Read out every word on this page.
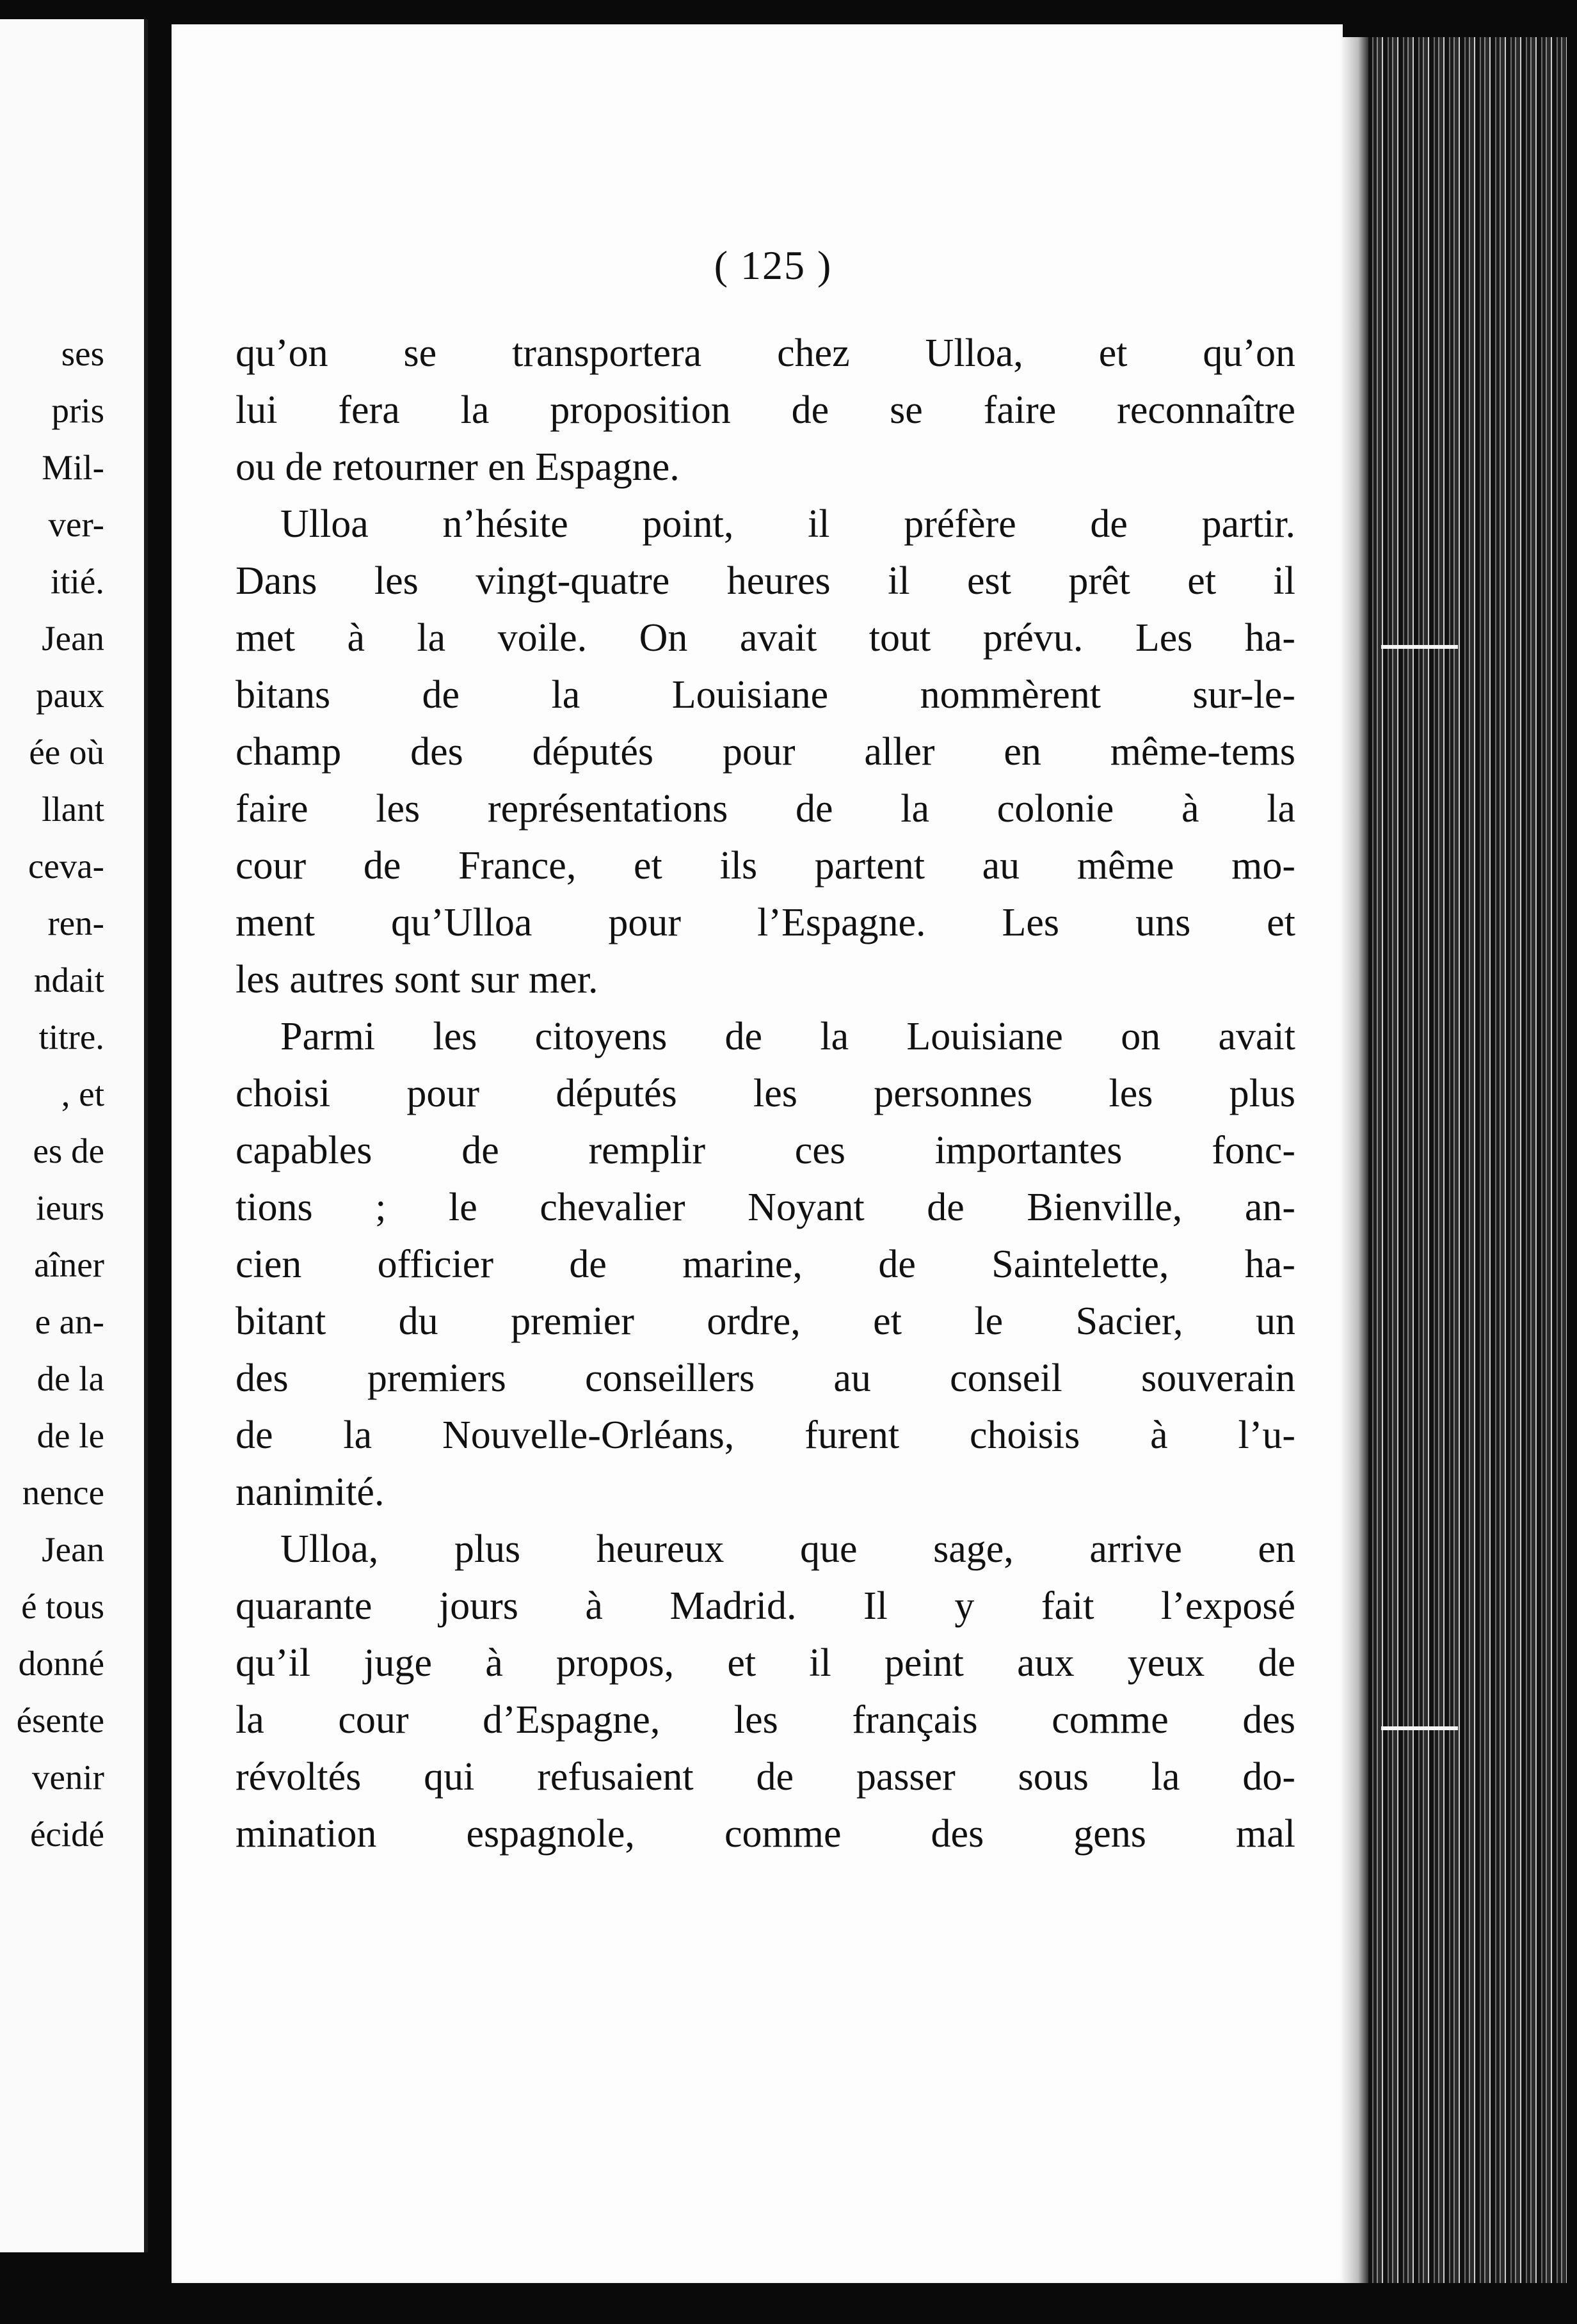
ses
pris
Mil-
ver-
itié.
Jean
paux
ée où
llant
ceva-
ren-
ndait
titre.
, et
es de
ieurs
aîner
e an-
de la
de le
nence
Jean
é tous
donné
ésente
venir
écidé
( 125 )
qu’on se transportera chez Ulloa, et qu’on
lui fera la proposition de se faire reconnaître
ou de retourner en Espagne.
Ulloa n’hésite point, il préfère de partir.
Dans les vingt-quatre heures il est prêt et il
met à la voile. On avait tout prévu. Les ha-
bitans de la Louisiane nommèrent sur-le-
champ des députés pour aller en même-tems
faire les représentations de la colonie à la
cour de France, et ils partent au même mo-
ment qu’Ulloa pour l’Espagne. Les uns et
les autres sont sur mer.
Parmi les citoyens de la Louisiane on avait
choisi pour députés les personnes les plus
capables de remplir ces importantes fonc-
tions ; le chevalier Noyant de Bienville, an-
cien officier de marine, de Saintelette, ha-
bitant du premier ordre, et le Sacier, un
des premiers conseillers au conseil souverain
de la Nouvelle-Orléans, furent choisis à l’u-
nanimité.
Ulloa, plus heureux que sage, arrive en
quarante jours à Madrid. Il y fait l’exposé
qu’il juge à propos, et il peint aux yeux de
la cour d’Espagne, les français comme des
révoltés qui refusaient de passer sous la do-
mination espagnole, comme des gens mal
